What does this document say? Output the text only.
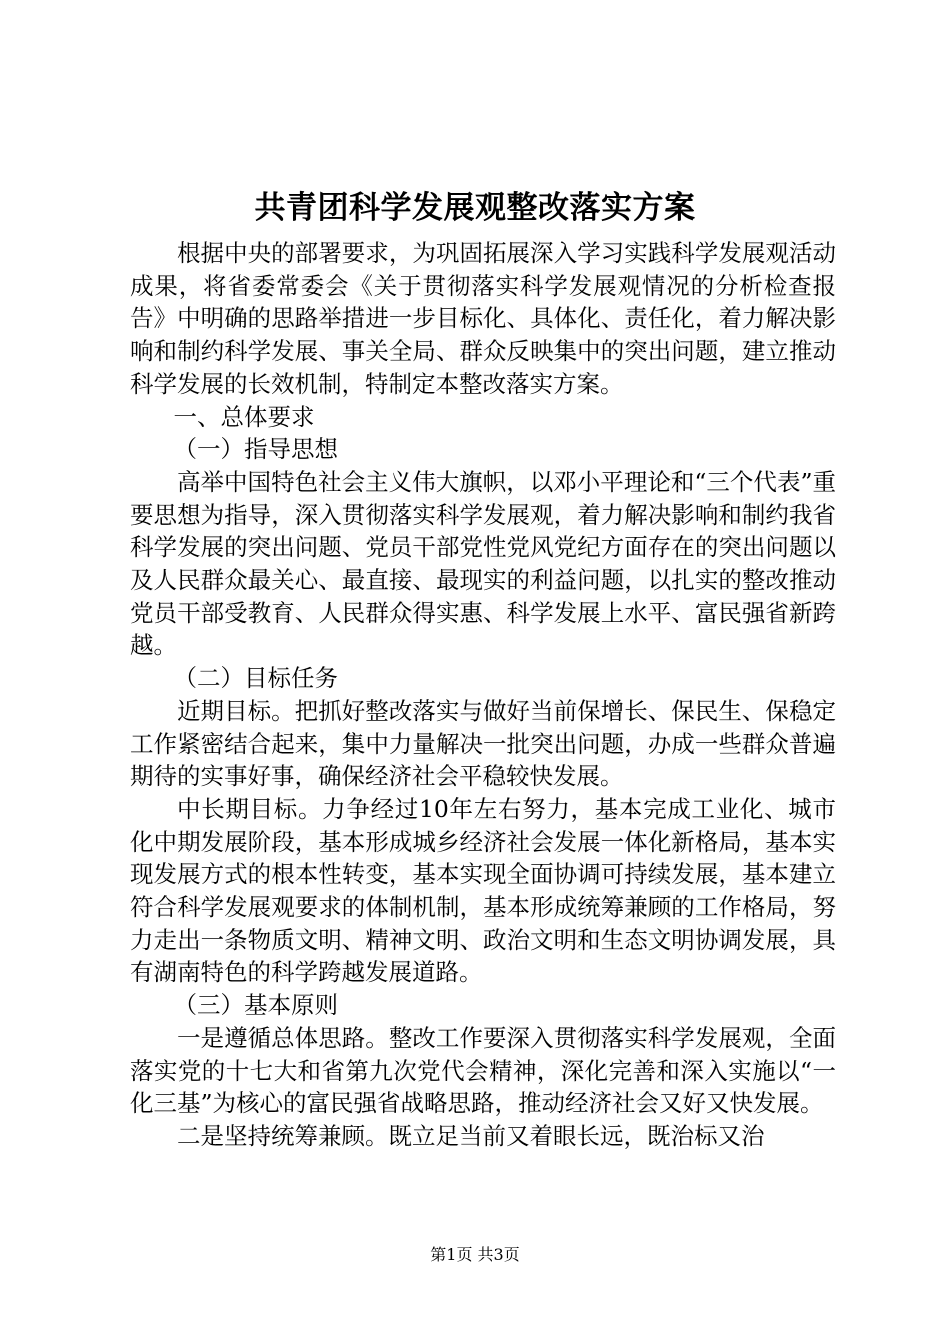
共青团科学发展观整改落实方案

根据中央的部署要求，为巩固拓展深入学习实践科学发展观活动成果，将省委常委会《关于贯彻落实科学发展观情况的分析检查报告》中明确的思路举措进一步目标化、具体化、责任化，着力解决影响和制约科学发展、事关全局、群众反映集中的突出问题，建立推动科学发展的长效机制，特制定本整改落实方案。

一、总体要求

（一）指导思想

高举中国特色社会主义伟大旗帜，以邓小平理论和“三个代表”重要思想为指导，深入贯彻落实科学发展观，着力解决影响和制约我省科学发展的突出问题、党员干部党性党风党纪方面存在的突出问题以及人民群众最关心、最直接、最现实的利益问题，以扎实的整改推动党员干部受教育、人民群众得实惠、科学发展上水平、富民强省新跨越。

（二）目标任务

近期目标。把抓好整改落实与做好当前保增长、保民生、保稳定工作紧密结合起来，集中力量解决一批突出问题，办成一些群众普遍期待的实事好事，确保经济社会平稳较快发展。

中长期目标。力争经过10年左右努力，基本完成工业化、城市化中期发展阶段，基本形成城乡经济社会发展一体化新格局，基本实现发展方式的根本性转变，基本实现全面协调可持续发展，基本建立符合科学发展观要求的体制机制，基本形成统筹兼顾的工作格局，努力走出一条物质文明、精神文明、政治文明和生态文明协调发展，具有湖南特色的科学跨越发展道路。

（三）基本原则

一是遵循总体思路。整改工作要深入贯彻落实科学发展观，全面落实党的十七大和省第九次党代会精神，深化完善和深入实施以“一化三基”为核心的富民强省战略思路，推动经济社会又好又快发展。

二是坚持统筹兼顾。既立足当前又着眼长远，既治标又治

第1页 共3页
